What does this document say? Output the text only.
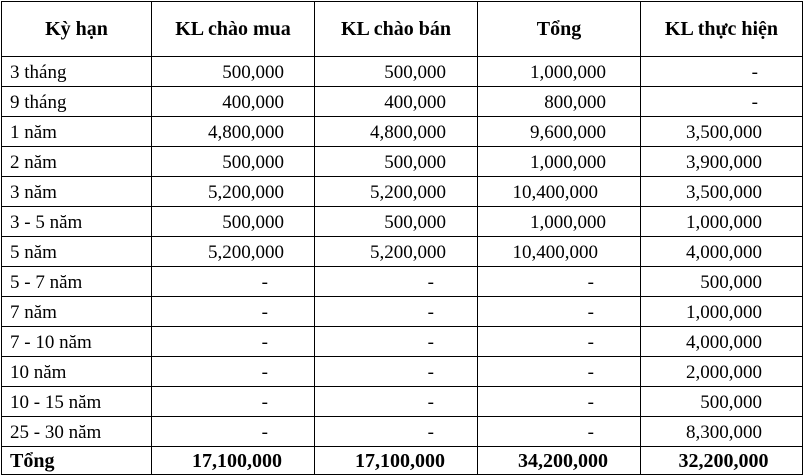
Kỳ hạn	KL chào mua	KL chào bán	Tổng	KL thực hiện
3 tháng	500,000	500,000	1,000,000	-
9 tháng	400,000	400,000	800,000	-
1 năm	4,800,000	4,800,000	9,600,000	3,500,000
2 năm	500,000	500,000	1,000,000	3,900,000
3 năm	5,200,000	5,200,000	10,400,000	3,500,000
3 - 5 năm	500,000	500,000	1,000,000	1,000,000
5 năm	5,200,000	5,200,000	10,400,000	4,000,000
5 - 7 năm	-	-	-	500,000
7 năm	-	-	-	1,000,000
7 - 10 năm	-	-	-	4,000,000
10 năm	-	-	-	2,000,000
10 - 15 năm	-	-	-	500,000
25 - 30 năm	-	-	-	8,300,000
Tổng	17,100,000	17,100,000	34,200,000	32,200,000
